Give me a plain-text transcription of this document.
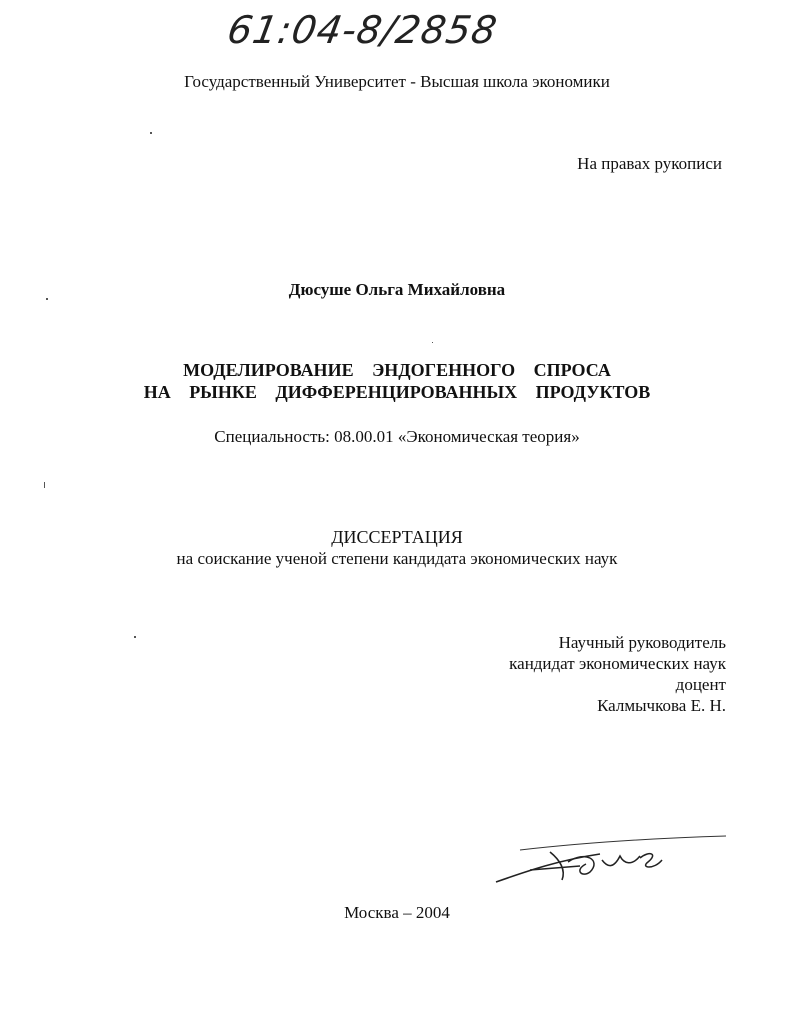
61:04-8/2858
Государственный Университет - Высшая школа экономики
На правах рукописи
Дюсуше Ольга Михайловна
МОДЕЛИРОВАНИЕ ЭНДОГЕННОГО СПРОСА
НА РЫНКЕ ДИФФЕРЕНЦИРОВАННЫХ ПРОДУКТОВ
Специальность: 08.00.01 «Экономическая теория»
ДИССЕРТАЦИЯ
на соискание ученой степени кандидата экономических наук
Научный руководитель
кандидат экономических наук
доцент
Калмычкова Е. Н.
Москва – 2004
